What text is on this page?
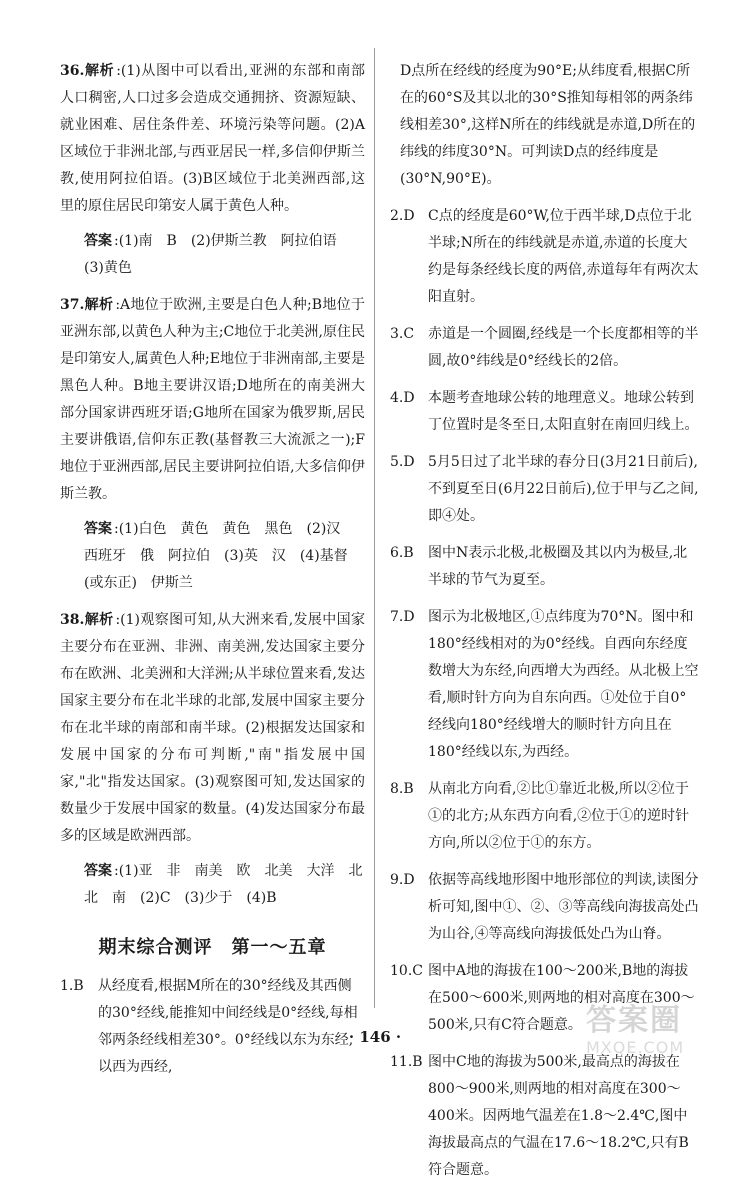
36.解析 :(1)从图中可以看出,亚洲的东部和南部人口稠密,人口过多会造成交通拥挤、资源短缺、就业困难、居住条件差、环境污染等问题。(2)A区域位于非洲北部,与西亚居民一样,多信仰伊斯兰教,使用阿拉伯语。(3)B区域位于北美洲西部,这里的原住居民印第安人属于黄色人种。
答案 :(1)南　B　(2)伊斯兰教　阿拉伯语　(3)黄色
37.解析 :A地位于欧洲,主要是白色人种;B地位于亚洲东部,以黄色人种为主;C地位于北美洲,原住民是印第安人,属黄色人种;E地位于非洲南部,主要是黑色人种。B地主要讲汉语;D地所在的南美洲大部分国家讲西班牙语;G地所在国家为俄罗斯,居民主要讲俄语,信仰东正教(基督教三大流派之一);F地位于亚洲西部,居民主要讲阿拉伯语,大多信仰伊斯兰教。
答案 :(1)白色　黄色　黄色　黑色　(2)汉　西班牙　俄　阿拉伯　(3)英　汉　(4)基督(或东正)　伊斯兰
38.解析 :(1)观察图可知,从大洲来看,发展中国家主要分布在亚洲、非洲、南美洲,发达国家主要分布在欧洲、北美洲和大洋洲;从半球位置来看,发达国家主要分布在北半球的北部,发展中国家主要分布在北半球的南部和南半球。(2)根据发达国家和发展中国家的分布可判断,"南"指发展中国家,"北"指发达国家。(3)观察图可知,发达国家的数量少于发展中国家的数量。(4)发达国家分布最多的区域是欧洲西部。
答案 :(1)亚　非　南美　欧　北美　大洋　北　北　南　(2)C　(3)少于　(4)B
期末综合测评　第一～五章
1.B 从经度看,根据M所在的30°经线及其西侧的30°经线,能推知中间经线是0°经线,每相邻两条经线相差30°。0°经线以东为东经,以西为西经,
D点所在经线的经度为90°E;从纬度看,根据C所在的60°S及其以北的30°S推知每相邻的两条纬线相差30°,这样N所在的纬线就是赤道,D所在的纬线的纬度30°N。可判读D点的经纬度是(30°N,90°E)。
2.D C点的经度是60°W,位于西半球,D点位于北半球;N所在的纬线就是赤道,赤道的长度大约是每条经线长度的两倍,赤道每年有两次太阳直射。
3.C 赤道是一个圆圈,经线是一个长度都相等的半圆,故0°纬线是0°经线长的2倍。
4.D 本题考查地球公转的地理意义。地球公转到丁位置时是冬至日,太阳直射在南回归线上。
5.D 5月5日过了北半球的春分日(3月21日前后),不到夏至日(6月22日前后),位于甲与乙之间,即④处。
6.B 图中N表示北极,北极圈及其以内为极昼,北半球的节气为夏至。
7.D 图示为北极地区,①点纬度为70°N。图中和180°经线相对的为0°经线。自西向东经度数增大为东经,向西增大为西经。从北极上空看,顺时针方向为自东向西。①处位于自0°经线向180°经线增大的顺时针方向且在180°经线以东,为西经。
8.B 从南北方向看,②比①靠近北极,所以②位于①的北方;从东西方向看,②位于①的逆时针方向,所以②位于①的东方。
9.D 依据等高线地形图中地形部位的判读,读图分析可知,图中①、②、③等高线向海拔高处凸为山谷,④等高线向海拔低处凸为山脊。
10.C 图中A地的海拔在100～200米,B地的海拔在500～600米,则两地的相对高度在300～500米,只有C符合题意。
11.B 图中C地的海拔为500米,最高点的海拔在800～900米,则两地的相对高度在300～400米。因两地气温差在1.8～2.4℃,图中海拔最高点的气温在17.6～18.2℃,只有B符合题意。
· 146 ·	答案圈
MXQE.COM
